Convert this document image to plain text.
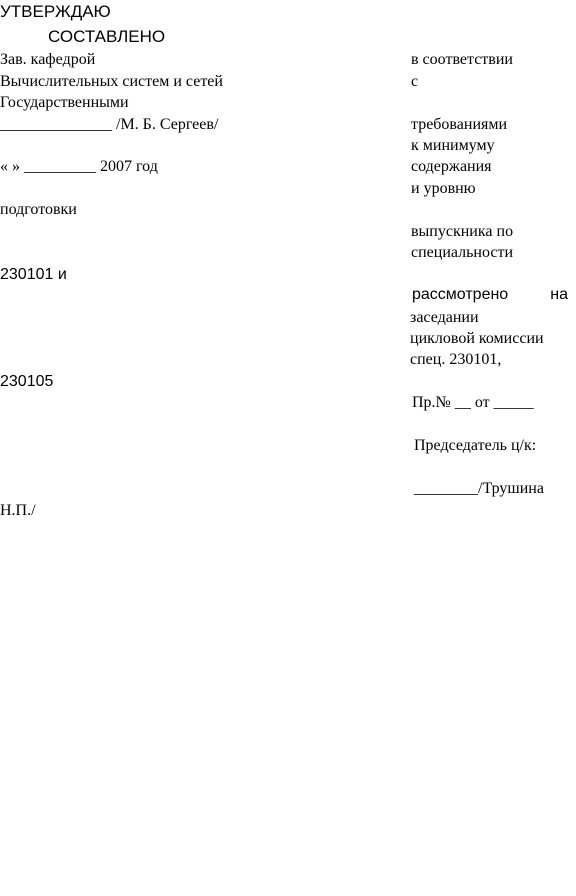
УТВЕРЖДАЮ
СОСТАВЛЕНО
Зав. кафедрой
Вычислительных систем и сетей
Государственными
______________ /М. Б. Сергеев/
« » _________ 2007 год
подготовки
230101 и
230105
Н.П./
в соответствии
с
требованиями
к минимуму
содержания
и уровню
выпускника по
специальности
рассмотрено	на
заседании
цикловой комиссии
спец. 230101,
Пр.№ __ от _____
Председатель ц/к:
________/Трушина
